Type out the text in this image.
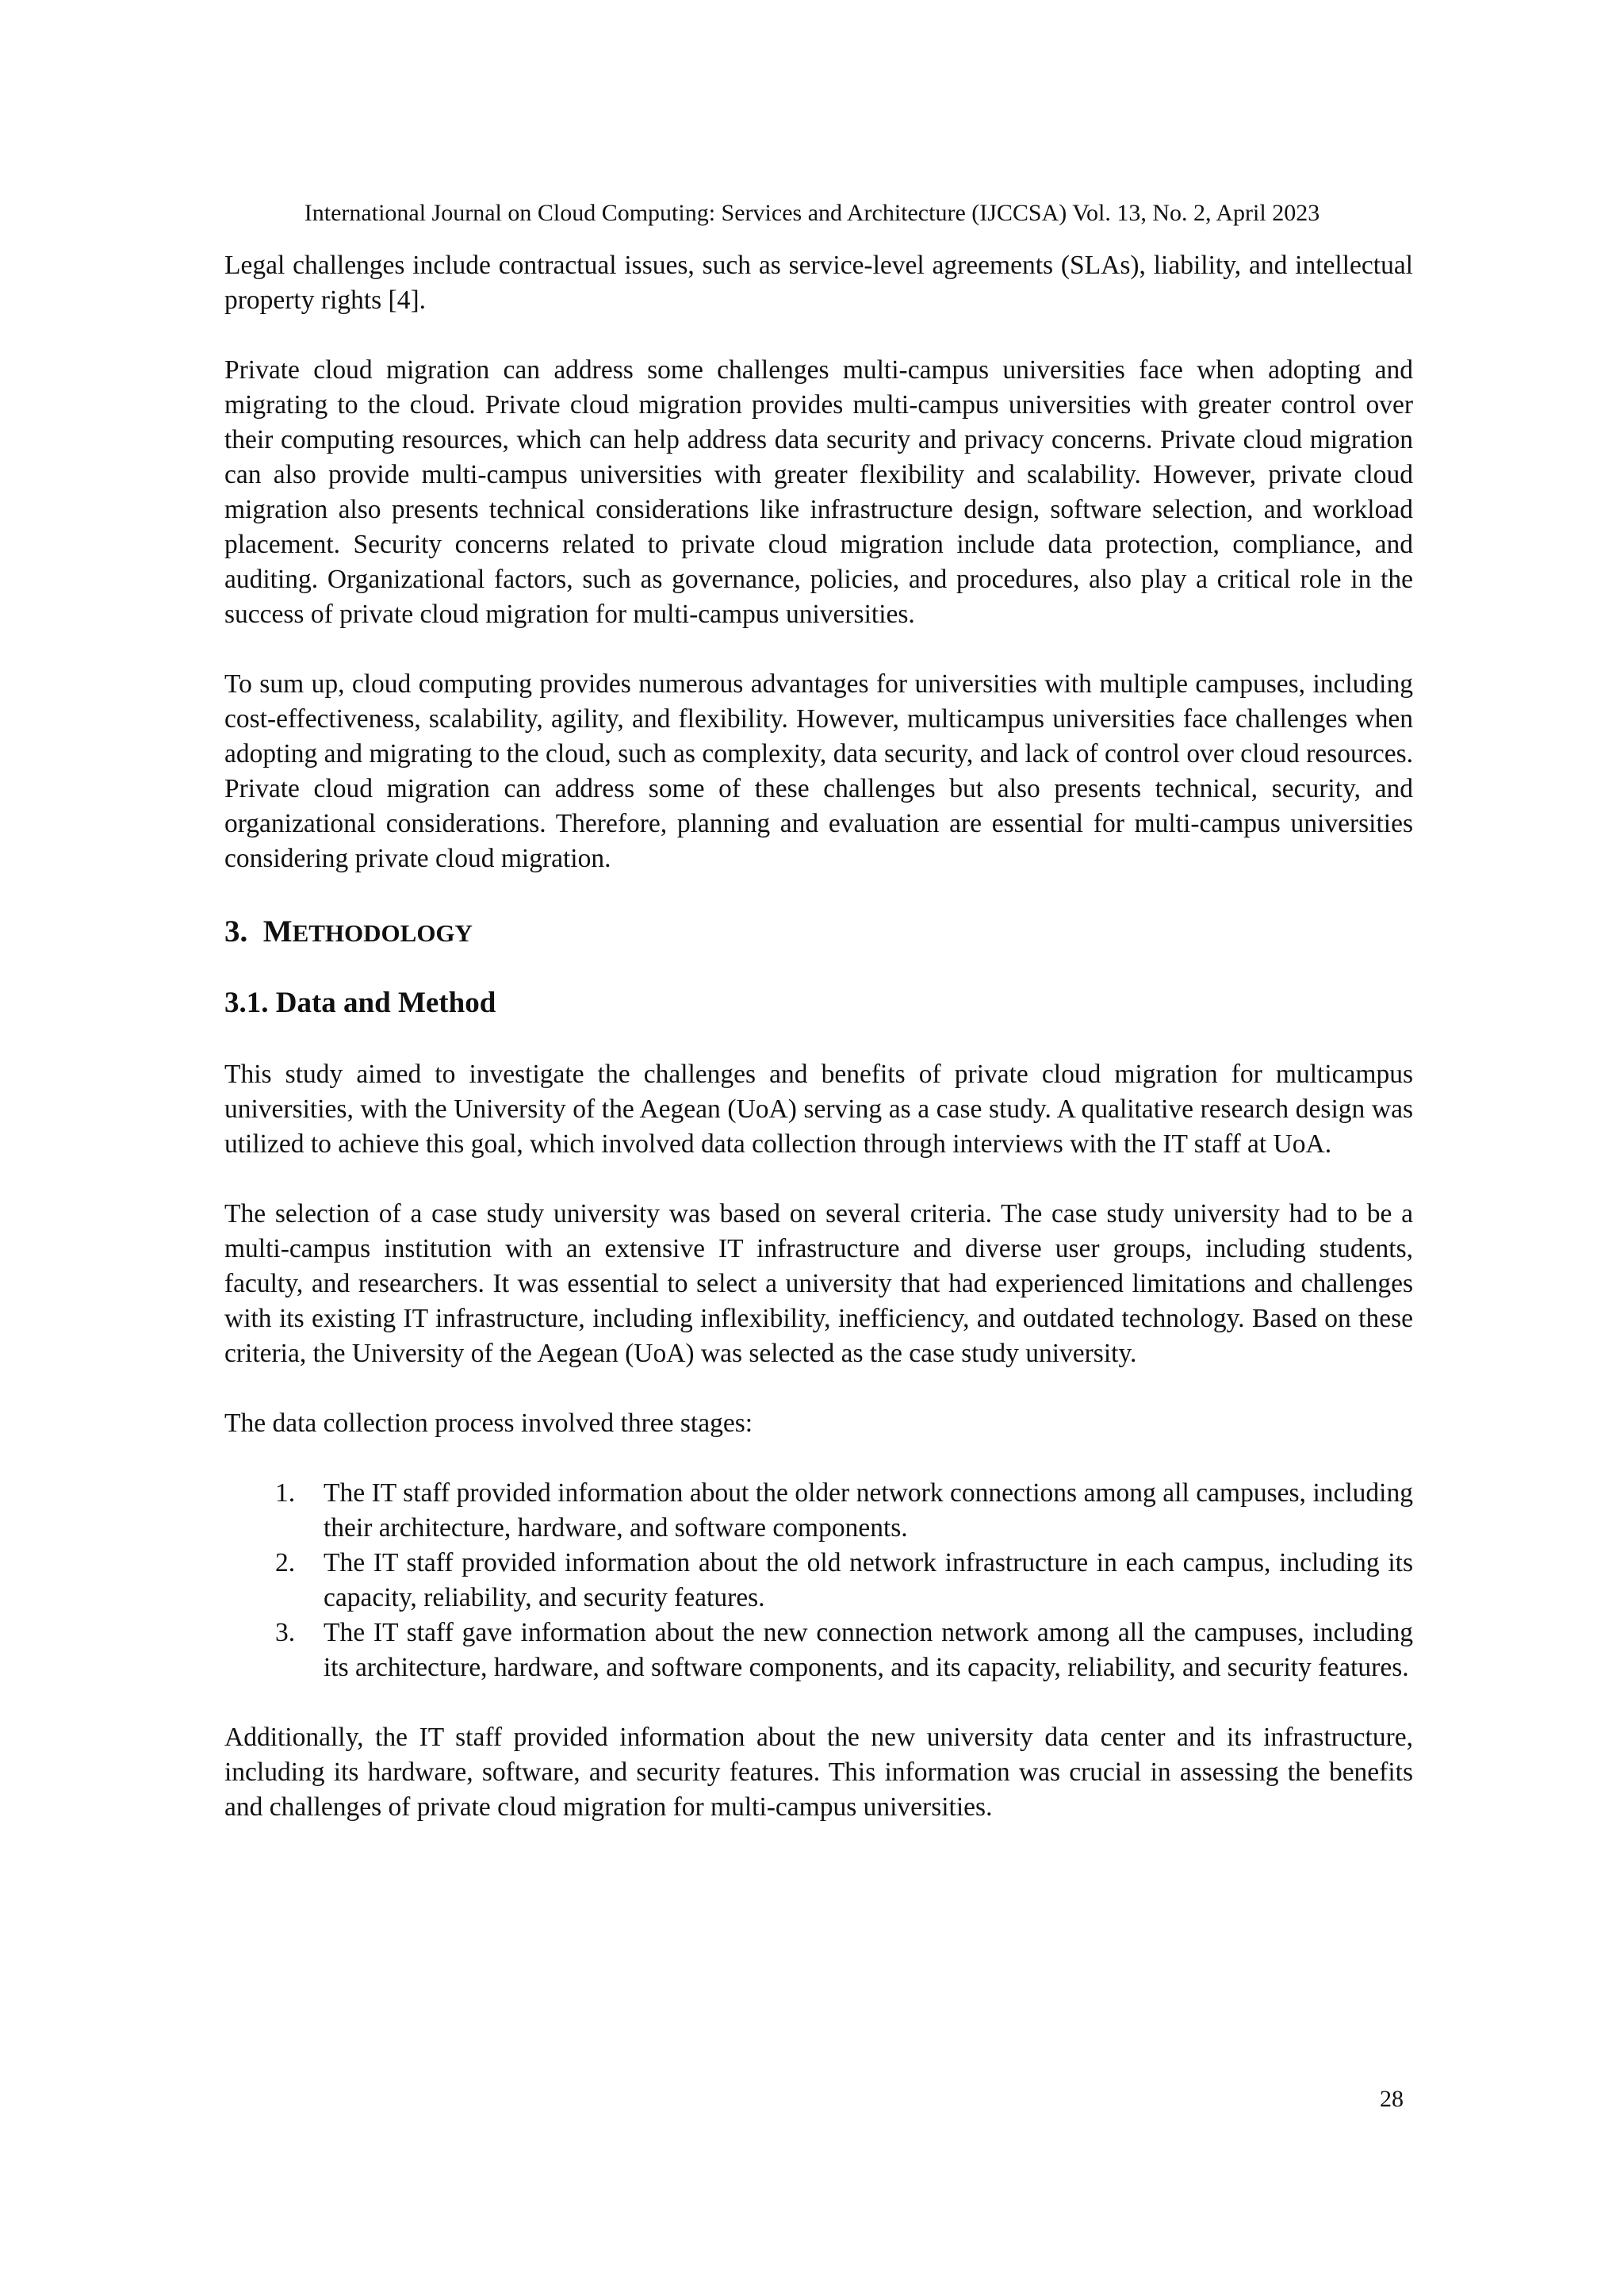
International Journal on Cloud Computing: Services and Architecture (IJCCSA) Vol. 13, No. 2, April 2023

Legal challenges include contractual issues, such as service-level agreements (SLAs), liability, and intellectual property rights [4].

Private cloud migration can address some challenges multi-campus universities face when adopting and migrating to the cloud. Private cloud migration provides multi-campus universities with greater control over their computing resources, which can help address data security and privacy concerns. Private cloud migration can also provide multi-campus universities with greater flexibility and scalability. However, private cloud migration also presents technical considerations like infrastructure design, software selection, and workload placement. Security concerns related to private cloud migration include data protection, compliance, and auditing. Organizational factors, such as governance, policies, and procedures, also play a critical role in the success of private cloud migration for multi-campus universities.

To sum up, cloud computing provides numerous advantages for universities with multiple campuses, including cost-effectiveness, scalability, agility, and flexibility. However, multicampus universities face challenges when adopting and migrating to the cloud, such as complexity, data security, and lack of control over cloud resources. Private cloud migration can address some of these challenges but also presents technical, security, and organizational considerations. Therefore, planning and evaluation are essential for multi-campus universities considering private cloud migration.

3. METHODOLOGY
3.1. Data and Method

This study aimed to investigate the challenges and benefits of private cloud migration for multicampus universities, with the University of the Aegean (UoA) serving as a case study. A qualitative research design was utilized to achieve this goal, which involved data collection through interviews with the IT staff at UoA.

The selection of a case study university was based on several criteria. The case study university had to be a multi-campus institution with an extensive IT infrastructure and diverse user groups, including students, faculty, and researchers. It was essential to select a university that had experienced limitations and challenges with its existing IT infrastructure, including inflexibility, inefficiency, and outdated technology. Based on these criteria, the University of the Aegean (UoA) was selected as the case study university.

The data collection process involved three stages:

1. The IT staff provided information about the older network connections among all campuses, including their architecture, hardware, and software components.
2. The IT staff provided information about the old network infrastructure in each campus, including its capacity, reliability, and security features.
3. The IT staff gave information about the new connection network among all the campuses, including its architecture, hardware, and software components, and its capacity, reliability, and security features.

Additionally, the IT staff provided information about the new university data center and its infrastructure, including its hardware, software, and security features. This information was crucial in assessing the benefits and challenges of private cloud migration for multi-campus universities.

28
